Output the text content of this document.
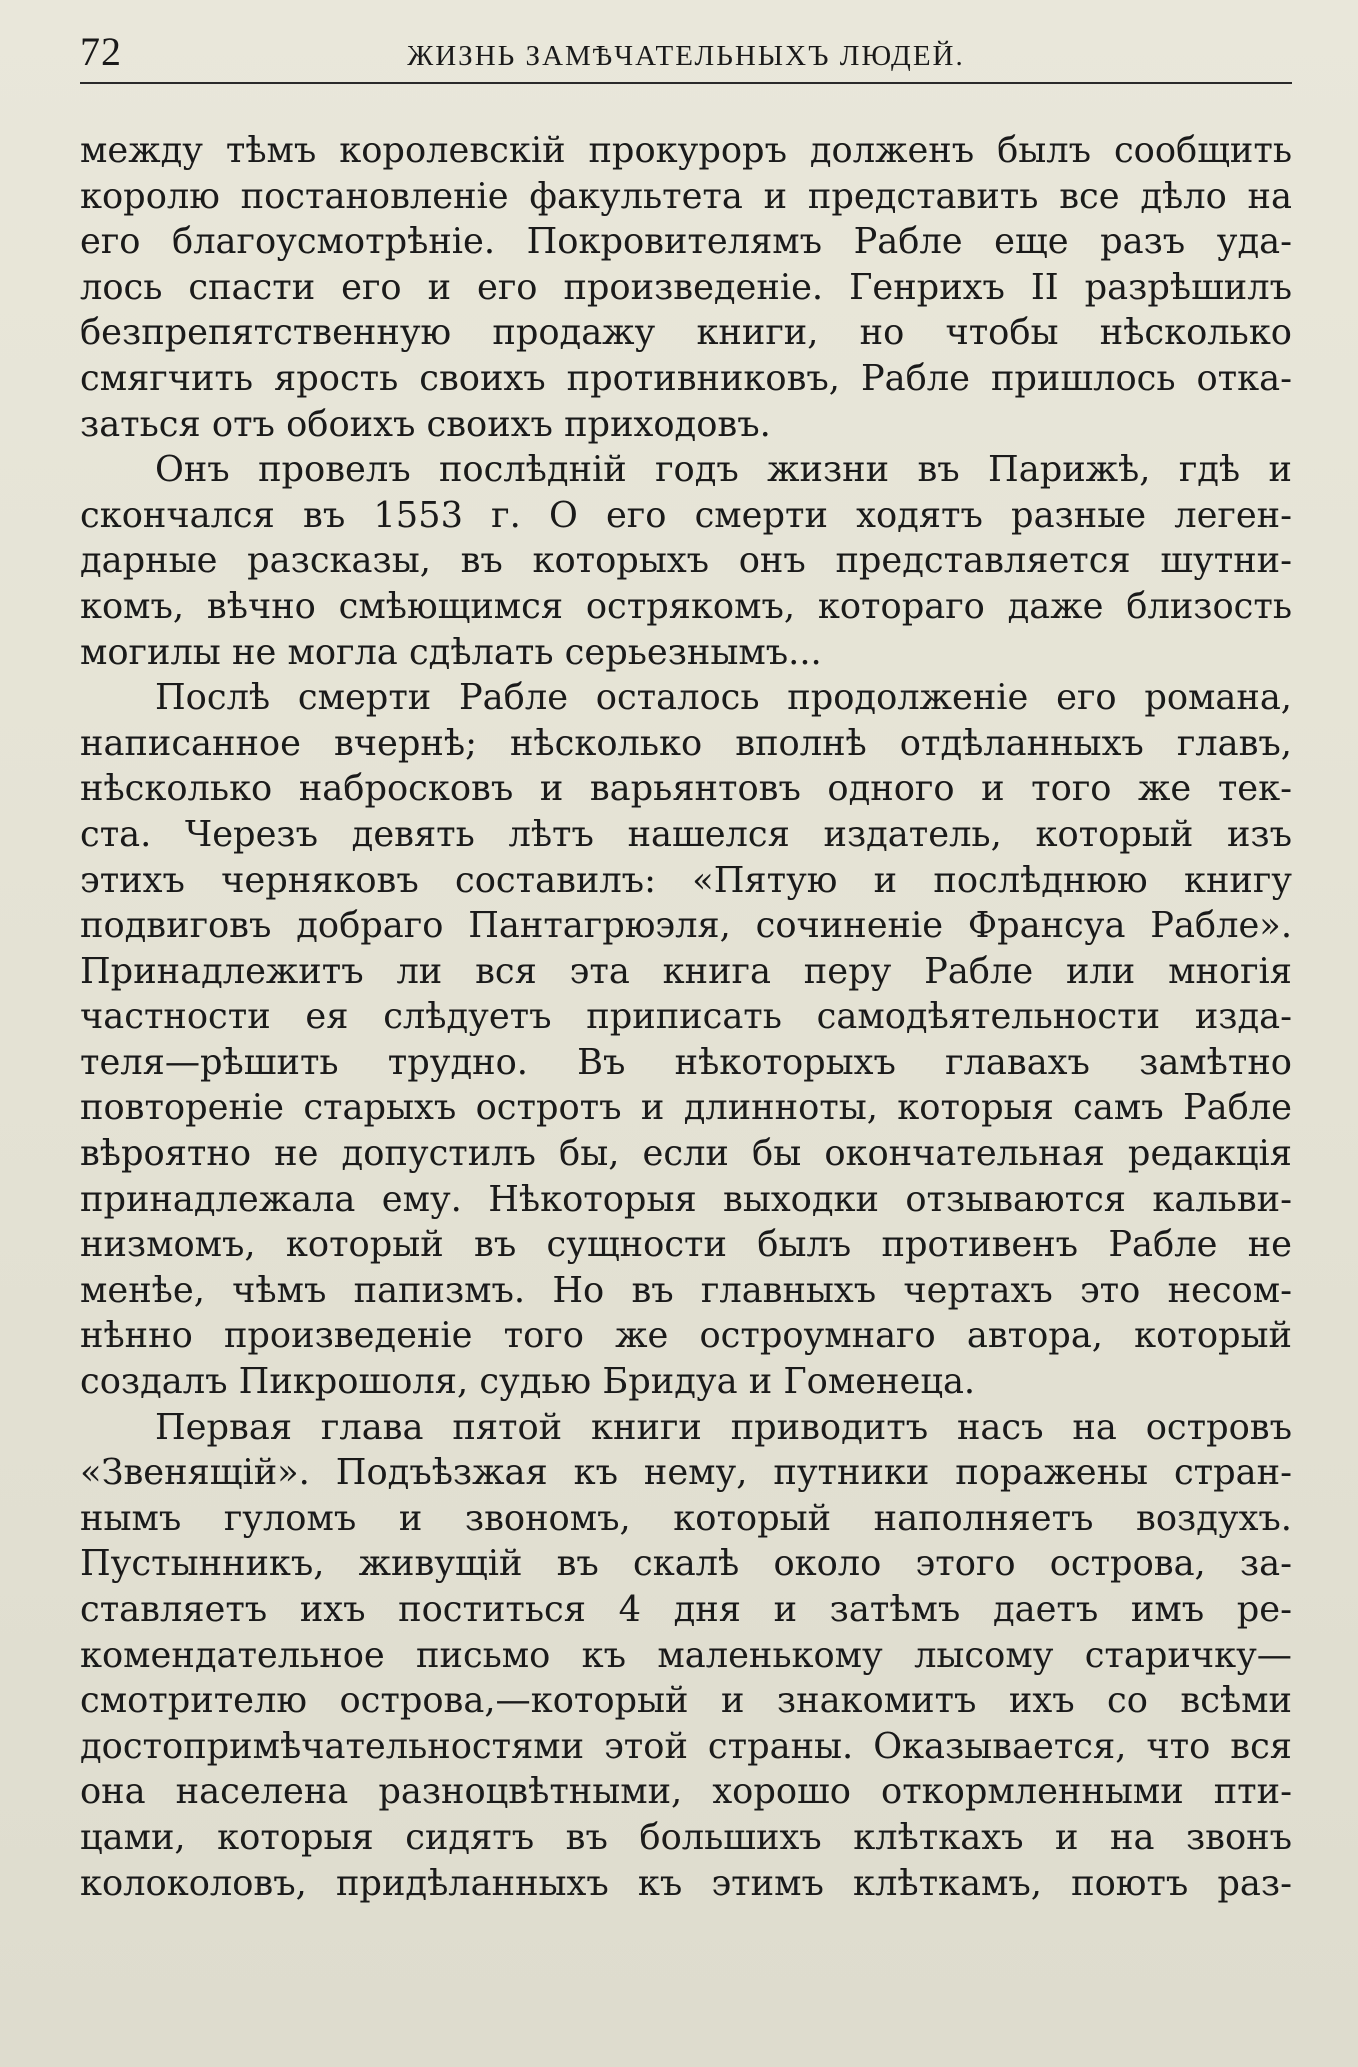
72	ЖИЗНЬ ЗАМѢЧАТЕЛЬНЫХЪ ЛЮДЕЙ.
между тѣмъ королевскій прокуроръ долженъ былъ сообщить
королю постановленіе факультета и представить все дѣло на
его благоусмотрѣніе. Покровителямъ Рабле еще разъ уда-
лось спасти его и его произведеніе. Генрихъ II разрѣшилъ
безпрепятственную продажу книги, но чтобы нѣсколько
смягчить ярость своихъ противниковъ, Рабле пришлось отка-
заться отъ обоихъ своихъ приходовъ.
Онъ провелъ послѣдній годъ жизни въ Парижѣ, гдѣ и
скончался въ 1553 г. О его смерти ходятъ разные леген-
дарные разсказы, въ которыхъ онъ представляется шутни-
комъ, вѣчно смѣющимся острякомъ, котораго даже близость
могилы не могла сдѣлать серьезнымъ...
Послѣ смерти Рабле осталось продолженіе его романа,
написанное вчернѣ; нѣсколько вполнѣ отдѣланныхъ главъ,
нѣсколько набросковъ и варьянтовъ одного и того же тек-
ста. Черезъ девять лѣтъ нашелся издатель, который изъ
этихъ черняковъ составилъ: «Пятую и послѣднюю книгу
подвиговъ добраго Пантагрюэля, сочиненіе Франсуа Рабле».
Принадлежитъ ли вся эта книга перу Рабле или многія
частности ея слѣдуетъ приписать самодѣятельности изда-
теля—рѣшить трудно. Въ нѣкоторыхъ главахъ замѣтно
повтореніе старыхъ остротъ и длинноты, которыя самъ Рабле
вѣроятно не допустилъ бы, если бы окончательная редакція
принадлежала ему. Нѣкоторыя выходки отзываются кальви-
низмомъ, который въ сущности былъ противенъ Рабле не
менѣе, чѣмъ папизмъ. Но въ главныхъ чертахъ это несом-
нѣнно произведеніе того же остроумнаго автора, который
создалъ Пикрошоля, судью Бридуа и Гоменеца.
Первая глава пятой книги приводитъ насъ на островъ
«Звенящій». Подъѣзжая къ нему, путники поражены стран-
нымъ гуломъ и звономъ, который наполняетъ воздухъ.
Пустынникъ, живущій въ скалѣ около этого острова, за-
ставляетъ ихъ поститься 4 дня и затѣмъ даетъ имъ ре-
комендательное письмо къ маленькому лысому старичку—
смотрителю острова,—который и знакомитъ ихъ со всѣми
достопримѣчательностями этой страны. Оказывается, что вся
она населена разноцвѣтными, хорошо откормленными пти-
цами, которыя сидятъ въ большихъ клѣткахъ и на звонъ
колоколовъ, придѣланныхъ къ этимъ клѣткамъ, поютъ раз-
